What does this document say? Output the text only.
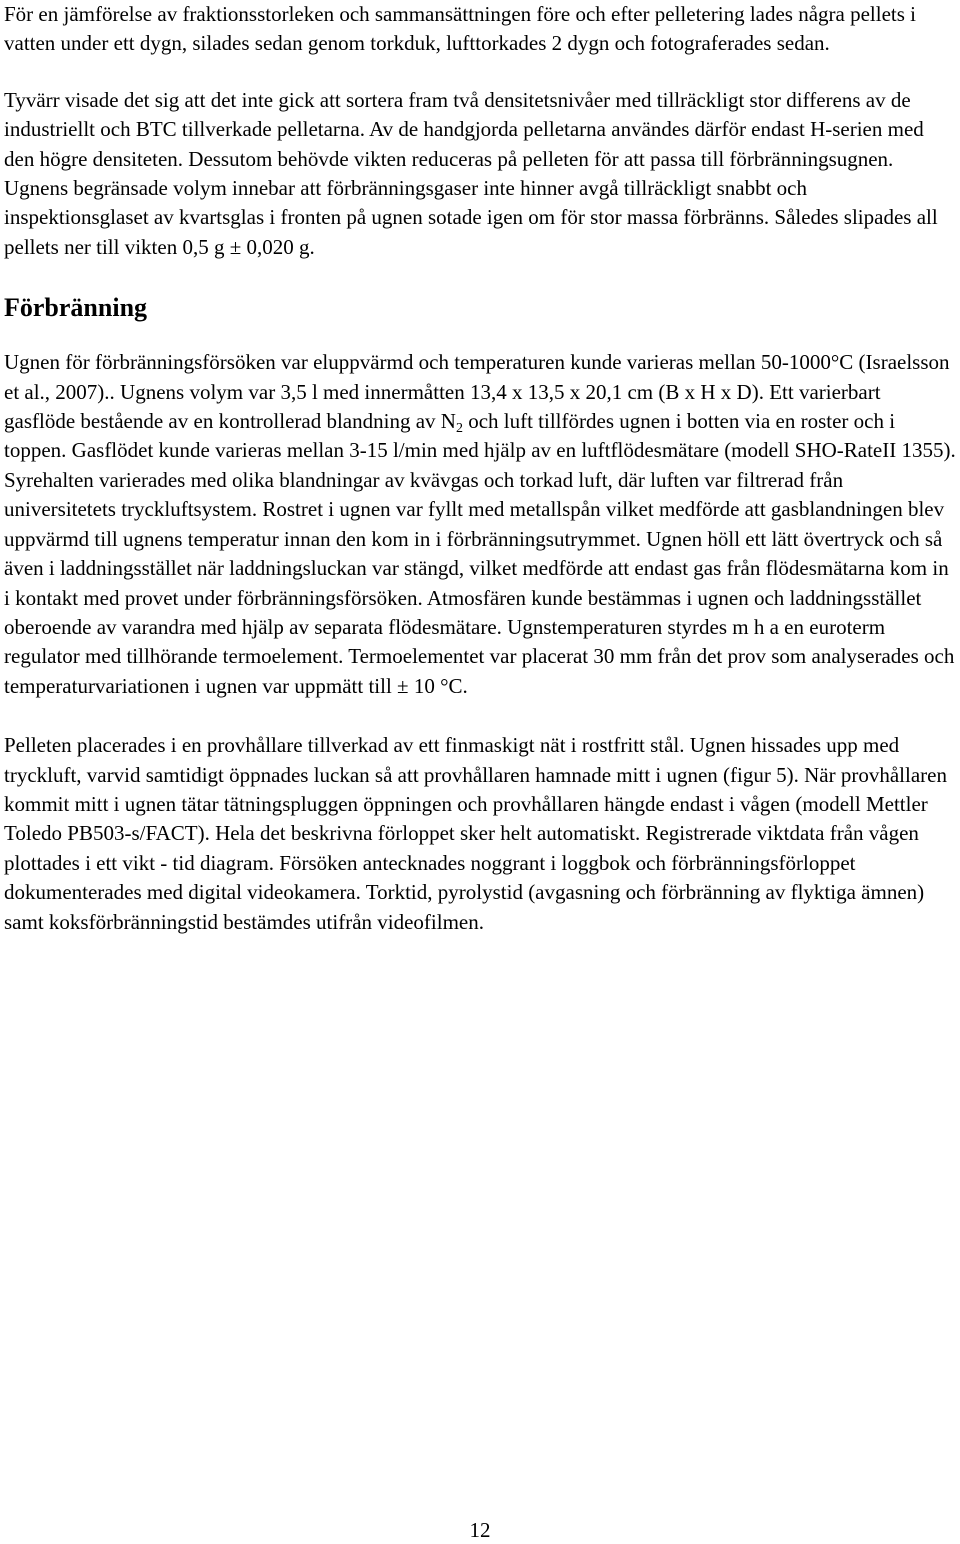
För en jämförelse av fraktionsstorleken och sammansättningen före och efter pelletering lades några pellets i vatten under ett dygn, silades sedan genom torkduk, lufttorkades 2 dygn och fotograferades sedan.

Tyvärr visade det sig att det inte gick att sortera fram två densitetsnivåer med tillräckligt stor differens av de industriellt och BTC tillverkade pelletarna. Av de handgjorda pelletarna användes därför endast H-serien med den högre densiteten. Dessutom behövde vikten reduceras på pelleten för att passa till förbränningsugnen. Ugnens begränsade volym innebar att förbränningsgaser inte hinner avgå tillräckligt snabbt och inspektionsglaset av kvartsglas i fronten på ugnen sotade igen om för stor massa förbränns. Således slipades all pellets ner till vikten 0,5 g ± 0,020 g.

Förbränning

Ugnen för förbränningsförsöken var eluppvärmd och temperaturen kunde varieras mellan 50-1000°C (Israelsson et al., 2007).. Ugnens volym var 3,5 l med innermåtten 13,4 x 13,5 x 20,1 cm (B x H x D). Ett varierbart gasflöde bestående av en kontrollerad blandning av $N_2$ och luft tillfördes ugnen i botten via en roster och i toppen. Gasflödet kunde varieras mellan 3-15 l/min med hjälp av en luftflödesmätare (modell SHO-RateII 1355). Syrehalten varierades med olika blandningar av kvävgas och torkad luft, där luften var filtrerad från universitetets tryckluftsystem. Rostret i ugnen var fyllt med metallspån vilket medförde att gasblandningen blev uppvärmd till ugnens temperatur innan den kom in i förbränningsutrymmet. Ugnen höll ett lätt övertryck och så även i laddningsstället när laddningsluckan var stängd, vilket medförde att endast gas från flödesmätarna kom in i kontakt med provet under förbränningsförsöken. Atmosfären kunde bestämmas i ugnen och laddningsstället oberoende av varandra med hjälp av separata flödesmätare. Ugnstemperaturen styrdes m h a en euroterm regulator med tillhörande termoelement. Termoelementet var placerat 30 mm från det prov som analyserades och temperaturvariationen i ugnen var uppmätt till ± 10 °C.

Pelleten placerades i en provhållare tillverkad av ett finmaskigt nät i rostfritt stål. Ugnen hissades upp med tryckluft, varvid samtidigt öppnades luckan så att provhållaren hamnade mitt i ugnen (figur 5). När provhållaren kommit mitt i ugnen tätar tätningspluggen öppningen och provhållaren hängde endast i vågen (modell Mettler Toledo PB503-s/FACT). Hela det beskrivna förloppet sker helt automatiskt. Registrerade viktdata från vågen plottades i ett vikt - tid diagram. Försöken antecknades noggrant i loggbok och förbränningsförloppet dokumenterades med digital videokamera. Torktid, pyrolystid (avgasning och förbränning av flyktiga ämnen) samt koksförbränningstid bestämdes utifrån videofilmen.

12
